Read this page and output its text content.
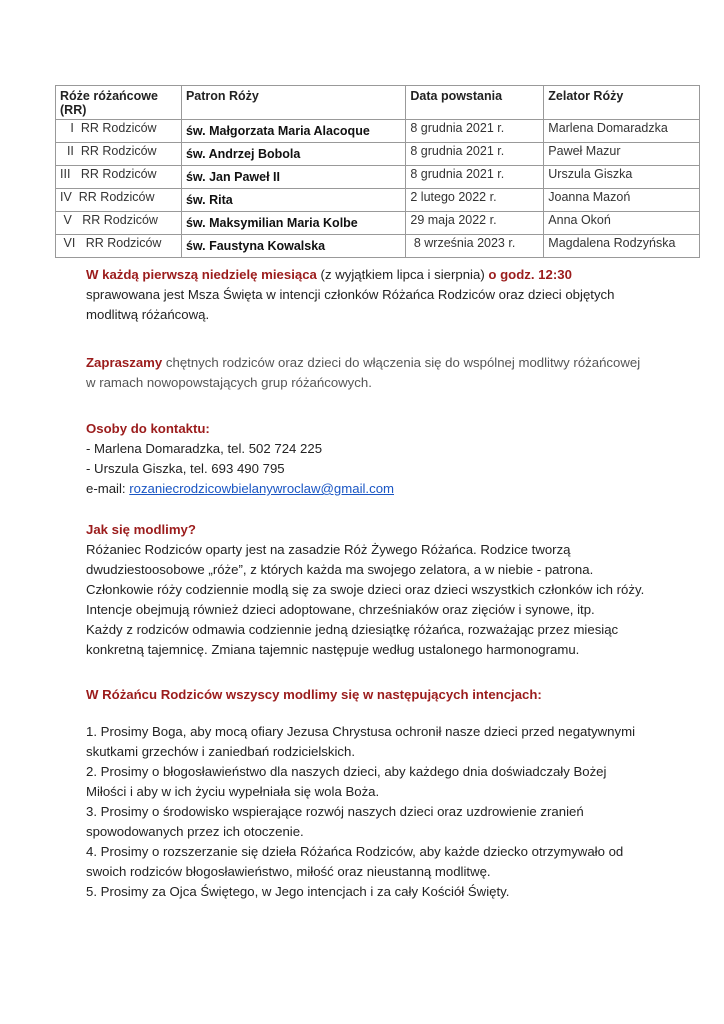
Róże różańcowe (RR)	Patron Róży	Data powstania	Zelator Róży
I RR Rodziców	św. Małgorzata Maria Alacoque	8 grudnia 2021 r.	Marlena Domaradzka
II RR Rodziców	św. Andrzej Bobola	8 grudnia 2021 r.	Paweł Mazur
III RR Rodziców	św. Jan Paweł II	8 grudnia 2021 r.	Urszula Giszka
IV RR Rodziców	św. Rita	2 lutego 2022 r.	Joanna Mazoń
V RR Rodziców	św. Maksymilian Maria Kolbe	29 maja 2022 r.	Anna Okoń
VI RR Rodziców	św. Faustyna Kowalska	8 września 2023 r.	Magdalena Rodzyńska
W każdą pierwszą niedzielę miesiąca (z wyjątkiem lipca i sierpnia) o godz. 12:30
sprawowana jest Msza Święta w intencji członków Różańca Rodziców oraz dzieci objętych
modlitwą różańcową.
Zapraszamy chętnych rodziców oraz dzieci do włączenia się do wspólnej modlitwy różańcowej
w ramach nowopowstających grup różańcowych.
Osoby do kontaktu:
- Marlena Domaradzka, tel. 502 724 225
- Urszula Giszka, tel. 693 490 795
e-mail: rozaniecrodzicowbielanywroclaw@gmail.com
Jak się modlimy?
Różaniec Rodziców oparty jest na zasadzie Róż Żywego Różańca. Rodzice tworzą
dwudziestoosobowe „róże”, z których każda ma swojego zelatora, a w niebie - patrona.
Członkowie róży codziennie modlą się za swoje dzieci oraz dzieci wszystkich członków ich róży.
Intencje obejmują również dzieci adoptowane, chrześniaków oraz zięciów i synowe, itp.
Każdy z rodziców odmawia codziennie jedną dziesiątkę różańca, rozważając przez miesiąc
konkretną tajemnicę. Zmiana tajemnic następuje według ustalonego harmonogramu.
W Różańcu Rodziców wszyscy modlimy się w następujących intencjach:
1. Prosimy Boga, aby mocą ofiary Jezusa Chrystusa ochronił nasze dzieci przed negatywnymi
skutkami grzechów i zaniedbań rodzicielskich.
2. Prosimy o błogosławieństwo dla naszych dzieci, aby każdego dnia doświadczały Bożej
Miłości i aby w ich życiu wypełniała się wola Boża.
3. Prosimy o środowisko wspierające rozwój naszych dzieci oraz uzdrowienie zranień
spowodowanych przez ich otoczenie.
4. Prosimy o rozszerzanie się dzieła Różańca Rodziców, aby każde dziecko otrzymywało od
swoich rodziców błogosławieństwo, miłość oraz nieustanną modlitwę.
5. Prosimy za Ojca Świętego, w Jego intencjach i za cały Kościół Święty.
